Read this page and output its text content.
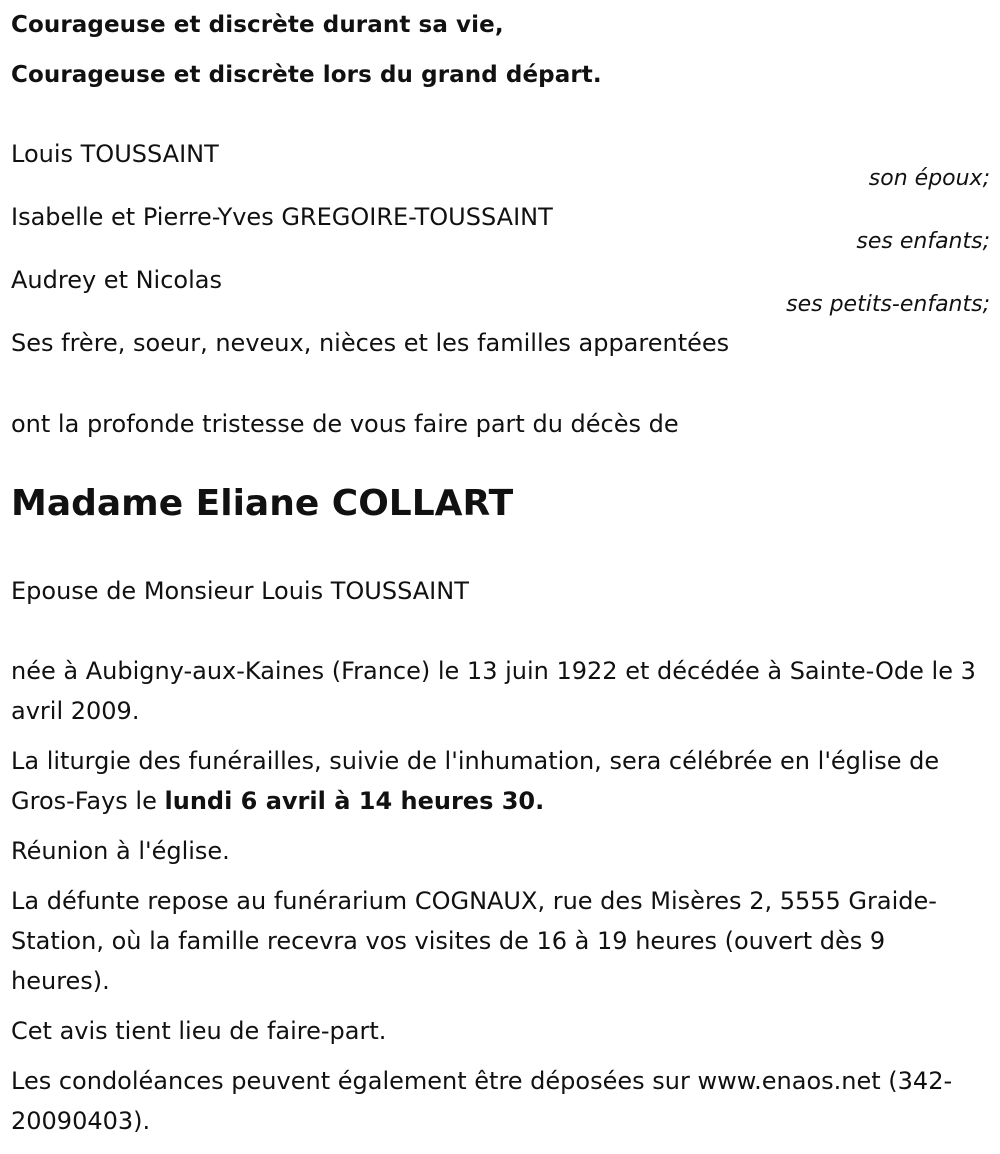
Courageuse et discrète durant sa vie,
Courageuse et discrète lors du grand départ.
Louis TOUSSAINT
son époux;
Isabelle et Pierre-Yves GREGOIRE-TOUSSAINT
ses enfants;
Audrey et Nicolas
ses petits-enfants;
Ses frère, soeur, neveux, nièces et les familles apparentées
ont la profonde tristesse de vous faire part du décès de
Madame Eliane COLLART
Epouse de Monsieur Louis TOUSSAINT
née à Aubigny-aux-Kaines (France) le 13 juin 1922 et décédée à Sainte-Ode le 3 avril 2009.
La liturgie des funérailles, suivie de l'inhumation, sera célébrée en l'église de Gros-Fays le lundi 6 avril à 14 heures 30.
Réunion à l'église.
La défunte repose au funérarium COGNAUX, rue des Misères 2, 5555 Graide-Station, où la famille recevra vos visites de 16 à 19 heures (ouvert dès 9 heures).
Cet avis tient lieu de faire-part.
Les condoléances peuvent également être déposées sur www.enaos.net (342-20090403).
